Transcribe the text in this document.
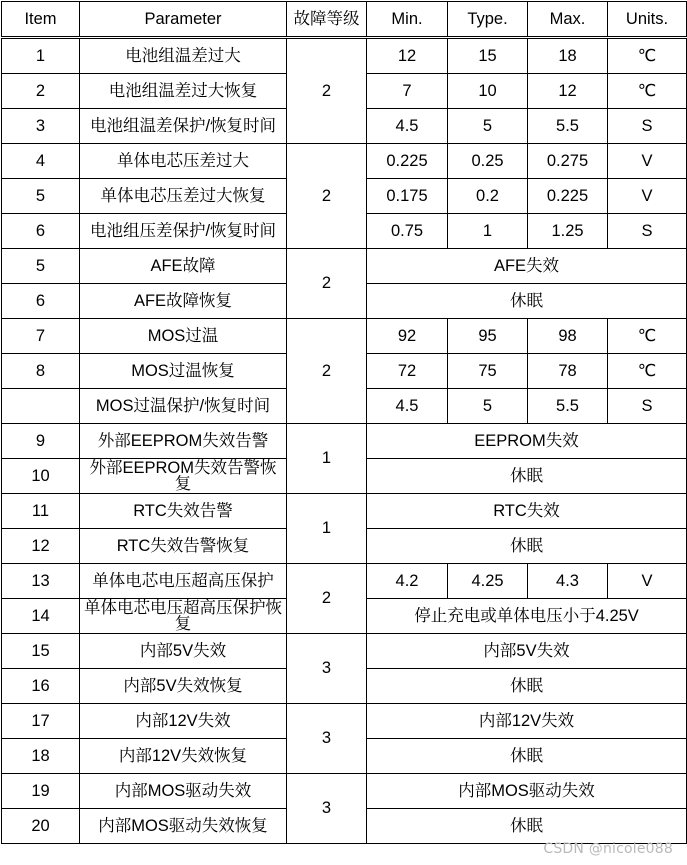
Item	Parameter	故障等级	Min.	Type.	Max.	Units.
1	电池组温差过大	2	12	15	18	℃
2	电池组温差过大恢复		7	10	12	℃
3	电池组温差保护/恢复时间		4.5	5	5.5	S
4	单体电芯压差过大	2	0.225	0.25	0.275	V
5	单体电芯压差过大恢复		0.175	0.2	0.225	V
6	电池组压差保护/恢复时间		0.75	1	1.25	S
5	AFE故障	2	AFE失效			
6	AFE故障恢复		休眠			
7	MOS过温	2	92	95	98	℃
8	MOS过温恢复		72	75	78	℃
	MOS过温保护/恢复时间		4.5	5	5.5	S
9	外部EEPROM失效告警	1	EEPROM失效			
10	外部EEPROM失效告警恢复		休眠			
11	RTC失效告警	1	RTC失效			
12	RTC失效告警恢复		休眠			
13	单体电芯电压超高压保护	2	4.2	4.25	4.3	V
14	单体电芯电压超高压保护恢复		停止充电或单体电压小于4.25V			
15	内部5V失效	3	内部5V失效			
16	内部5V失效恢复		休眠			
17	内部12V失效	3	内部12V失效			
18	内部12V失效恢复		休眠			
19	内部MOS驱动失效	3	内部MOS驱动失效			
20	内部MOS驱动失效恢复		休眠			
CSDN @nicole088
